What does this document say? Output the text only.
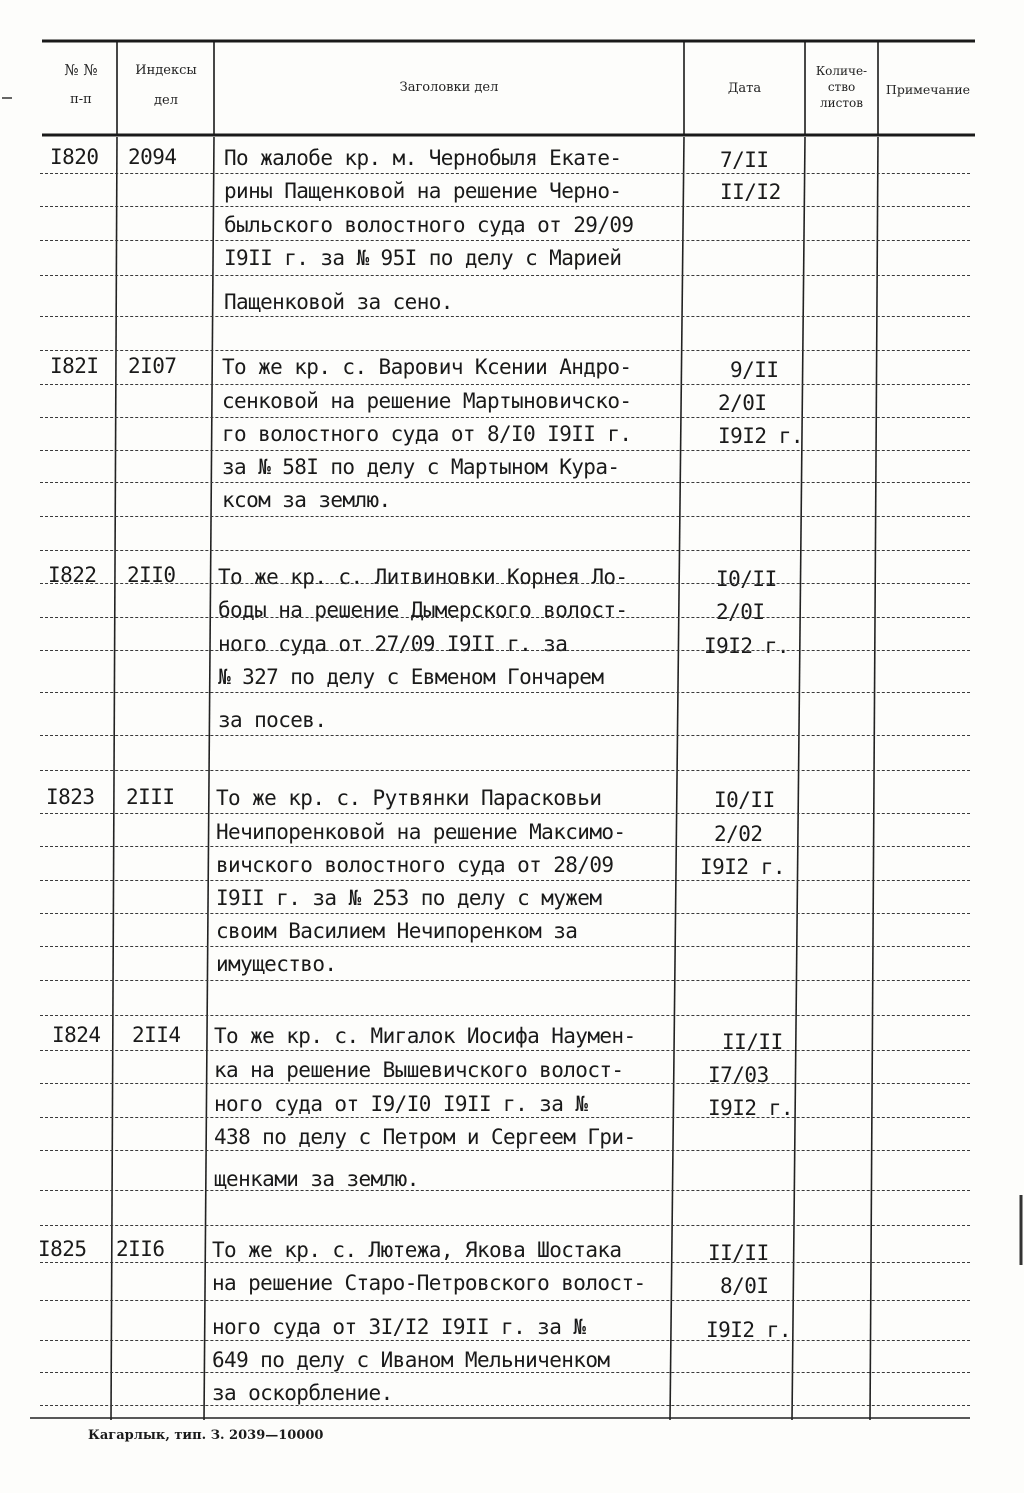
№ №
п-п
Индексы
дел
Заголовки дел	Дата
Количе-
ство
листов
Примечание
I820 2094 По жалобе кр. м. Чернобыля Екате-
рины Пащенковой на решение Черно-
быльского волостного суда от 29/09
I9II г. за № 95I по делу с Марией
Пащенковой за сено.
7/II
II/I2
I82I 2I07 То же кр. с. Варович Ксении Андро-
сенковой на решение Мартыновичско-
го волостного суда от 8/I0 I9II г.
за № 58I по делу с Мартыном Кура-
ксом за землю.
9/II
2/0I
I9I2 г.
I822 2II0 То же кр. с. Литвиновки Корнея Ло-
боды на решение Дымерского волост-
ного суда от 27/09 I9II г. за
№ 327 по делу с Евменом Гончарем
за посев.
I0/II
2/0I
I9I2 г.
I823 2III То же кр. с. Рутвянки Парасковьи
Нечипоренковой на решение Максимо-
вичского волостного суда от 28/09
I9II г. за № 253 по делу с мужем
своим Василием Нечипоренком за
имущество.
I0/II
2/02
I9I2 г.
I824 2II4 То же кр. с. Мигалок Иосифа Наумен-
ка на решение Вышевичского волост-
ного суда от I9/I0 I9II г. за №
438 по делу с Петром и Сергеем Гри-
щенками за землю.
II/II
I7/03
I9I2 г.
I825 2II6 То же кр. с. Лютежа, Якова Шостака
на решение Старо-Петровского волост-
ного суда от 3I/I2 I9II г. за №
649 по делу с Иваном Мельниченком
за оскорбление.
II/II
8/0I
I9I2 г.
Кагарлык, тип. З. 2039—10000
